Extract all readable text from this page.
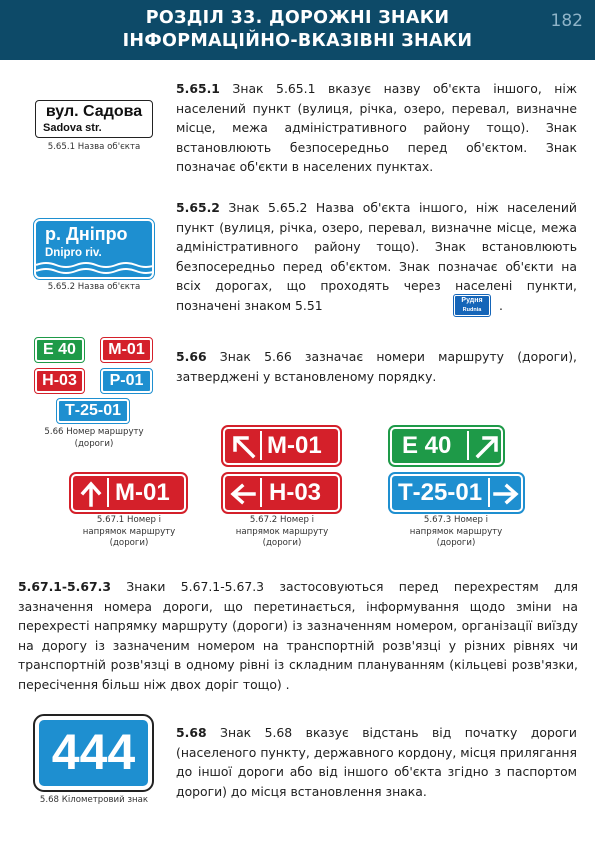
РОЗДІЛ 33. ДОРОЖНІ ЗНАКИ
ІНФОРМАЦІЙНО-ВКАЗІВНІ ЗНАКИ
182
вул. Садова
Sadova str.
5.65.1 Назва об'єкта
5.65.1 Знак 5.65.1 вказує назву об'єкта іншого, ніж населений пункт (вулиця, річка, озеро, перевал, визначне місце, межа адміністративного району тощо). Знак встановлюють безпосередньо перед об'єктом. Знак позначає об'єкти в населених пунктах.
р. Дніпро
Dnipro riv.
5.65.2 Назва об'єкта
5.65.2 Знак 5.65.2 Назва об'єкта іншого, ніж населений пункт (вулиця, річка, озеро, перевал, визначне місце, межа адміністративного району тощо). Знак встановлюють безпосередньо перед об'єктом. Знак позначає об'єкти на всіх дорогах, що проходять через населені пункти, позначені знаком 5.51	Рудня
Rudnia	.
E 40	М-01
Н-03	Р-01
Т-25-01
5.66 Номер маршруту
(дороги)
5.66 Знак 5.66 зазначає номери маршруту (дороги), затверджені у встановленому порядку.
М-01	E 40
М-01
5.67.1 Номер і
напрямок маршруту
(дороги)
Н-03
5.67.2 Номер і
напрямок маршруту
(дороги)
Т-25-01
5.67.3 Номер і
напрямок маршруту
(дороги)
5.67.1-5.67.3 Знаки 5.67.1-5.67.3 застосовуються перед перехрестям для зазначення номера дороги, що перетинається, інформування щодо зміни на перехресті напрямку маршруту (дороги) із зазначенням номером, організації виїзду на дорогу із зазначеним номером на транспортній розв'язці у різних рівнях чи транспортній розв'язці в одному рівні із складним плануванням (кільцеві розв'язки, пересічення більш ніж двох доріг тощо) .
444
5.68 Кілометровий знак
5.68 Знак 5.68 вказує відстань від початку дороги (населеного пункту, державного кордону, місця прилягання до іншої дороги або від іншого об'єкта згідно з паспортом дороги) до місця встановлення знака.
